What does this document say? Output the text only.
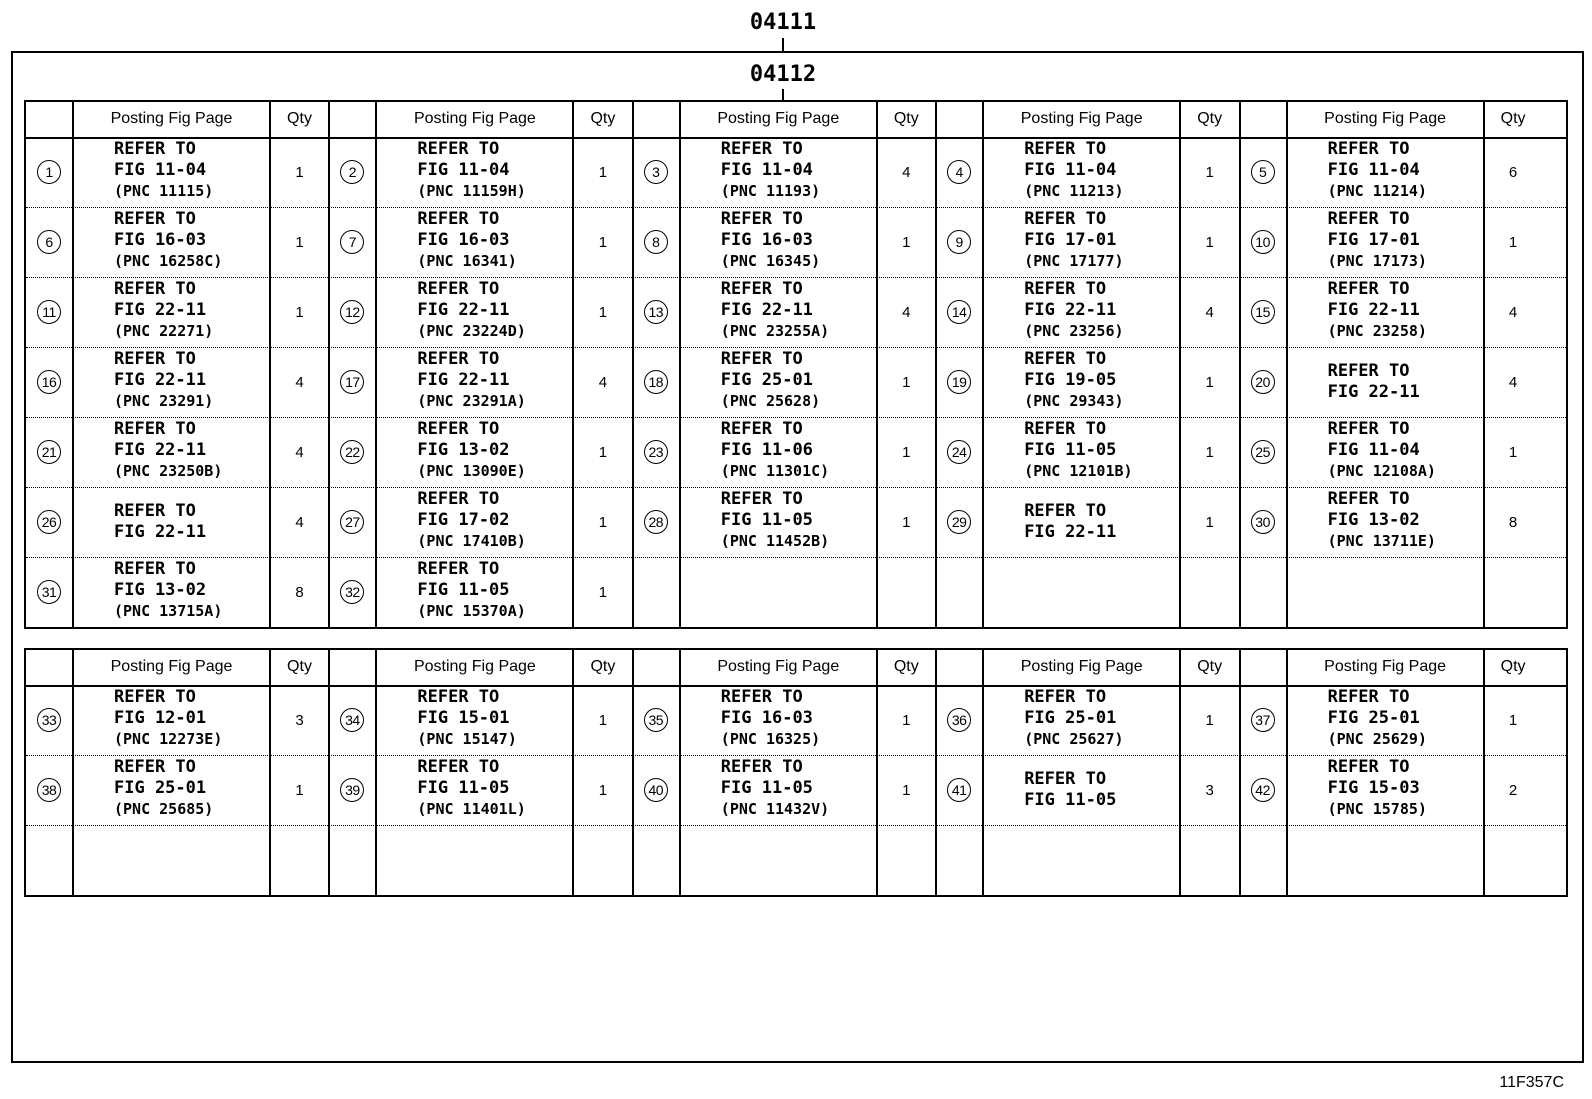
04111
04112
Posting Fig Page	Qty	Posting Fig Page	Qty	Posting Fig Page	Qty	Posting Fig Page	Qty	Posting Fig Page	Qty
1
REFER TO
FIG 11-04
(PNC 11115)
1	2
REFER TO
FIG 11-04
(PNC 11159H)
1	3
REFER TO
FIG 11-04
(PNC 11193)
4	4
REFER TO
FIG 11-04
(PNC 11213)
1	5
REFER TO
FIG 11-04
(PNC 11214)
6
6
REFER TO
FIG 16-03
(PNC 16258C)
1	7
REFER TO
FIG 16-03
(PNC 16341)
1	8
REFER TO
FIG 16-03
(PNC 16345)
1	9
REFER TO
FIG 17-01
(PNC 17177)
1	10
REFER TO
FIG 17-01
(PNC 17173)
1
11
REFER TO
FIG 22-11
(PNC 22271)
1	12
REFER TO
FIG 22-11
(PNC 23224D)
1	13
REFER TO
FIG 22-11
(PNC 23255A)
4	14
REFER TO
FIG 22-11
(PNC 23256)
4	15
REFER TO
FIG 22-11
(PNC 23258)
4
16
REFER TO
FIG 22-11
(PNC 23291)
4	17
REFER TO
FIG 22-11
(PNC 23291A)
4	18
REFER TO
FIG 25-01
(PNC 25628)
1	19
REFER TO
FIG 19-05
(PNC 29343)
1	20
REFER TO
FIG 22-11	4
21
REFER TO
FIG 22-11
(PNC 23250B)
4	22
REFER TO
FIG 13-02
(PNC 13090E)
1	23
REFER TO
FIG 11-06
(PNC 11301C)
1	24
REFER TO
FIG 11-05
(PNC 12101B)
1	25
REFER TO
FIG 11-04
(PNC 12108A)
1
26
REFER TO
FIG 22-11	4	27
REFER TO
FIG 17-02
(PNC 17410B)
1	28
REFER TO
FIG 11-05
(PNC 11452B)
1	29
REFER TO
FIG 22-11	1	30
REFER TO
FIG 13-02
(PNC 13711E)
8
31
REFER TO
FIG 13-02
(PNC 13715A)
8	32
REFER TO
FIG 11-05
(PNC 15370A)
1
Posting Fig Page	Qty	Posting Fig Page	Qty	Posting Fig Page	Qty	Posting Fig Page	Qty	Posting Fig Page	Qty
33
REFER TO
FIG 12-01
(PNC 12273E)
3	34
REFER TO
FIG 15-01
(PNC 15147)
1	35
REFER TO
FIG 16-03
(PNC 16325)
1	36
REFER TO
FIG 25-01
(PNC 25627)
1	37
REFER TO
FIG 25-01
(PNC 25629)
1
38
REFER TO
FIG 25-01
(PNC 25685)
1	39
REFER TO
FIG 11-05
(PNC 11401L)
1	40
REFER TO
FIG 11-05
(PNC 11432V)
1	41
REFER TO
FIG 11-05	3	42
REFER TO
FIG 15-03
(PNC 15785)
2
11F357C
